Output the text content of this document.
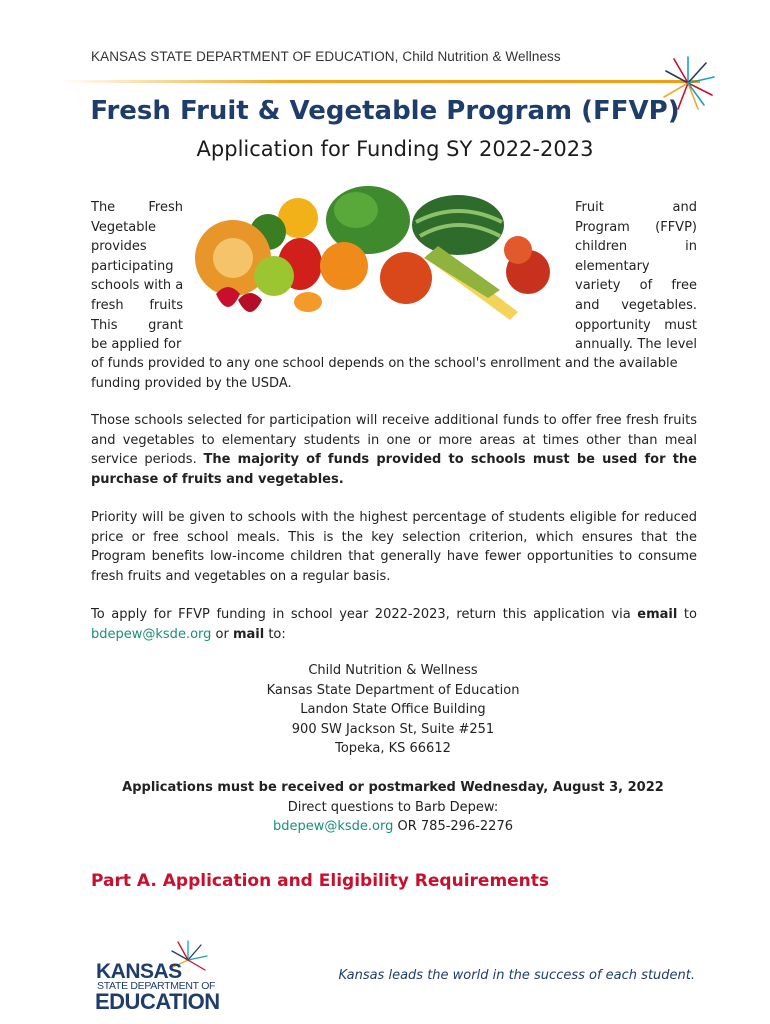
KANSAS STATE DEPARTMENT OF EDUCATION, Child Nutrition & Wellness
Fresh Fruit & Vegetable Program (FFVP)
Application for Funding SY 2022-2023
The Fresh
Vegetable
provides
participating
schools with a
fresh fruits
This grant
be applied for
Fruit and
Program (FFVP)
children in
elementary
variety of free
and vegetables.
opportunity must
annually. The level
of funds provided to any one school depends on the school's enrollment and the available funding provided by the USDA.
Those schools selected for participation will receive additional funds to offer free fresh fruits and vegetables to elementary students in one or more areas at times other than meal service periods. The majority of funds provided to schools must be used for the purchase of fruits and vegetables.
Priority will be given to schools with the highest percentage of students eligible for reduced price or free school meals. This is the key selection criterion, which ensures that the Program benefits low-income children that generally have fewer opportunities to consume fresh fruits and vegetables on a regular basis.
To apply for FFVP funding in school year 2022-2023, return this application via email to bdepew@ksde.org or mail to:
Child Nutrition & Wellness
Kansas State Department of Education
Landon State Office Building
900 SW Jackson St, Suite #251
Topeka, KS 66612
Applications must be received or postmarked Wednesday, August 3, 2022
Direct questions to Barb Depew:
bdepew@ksde.org OR 785-296-2276
Part A. Application and Eligibility Requirements
KANSAS
STATE DEPARTMENT OF
EDUCATION
Kansas leads the world in the success of each student.
